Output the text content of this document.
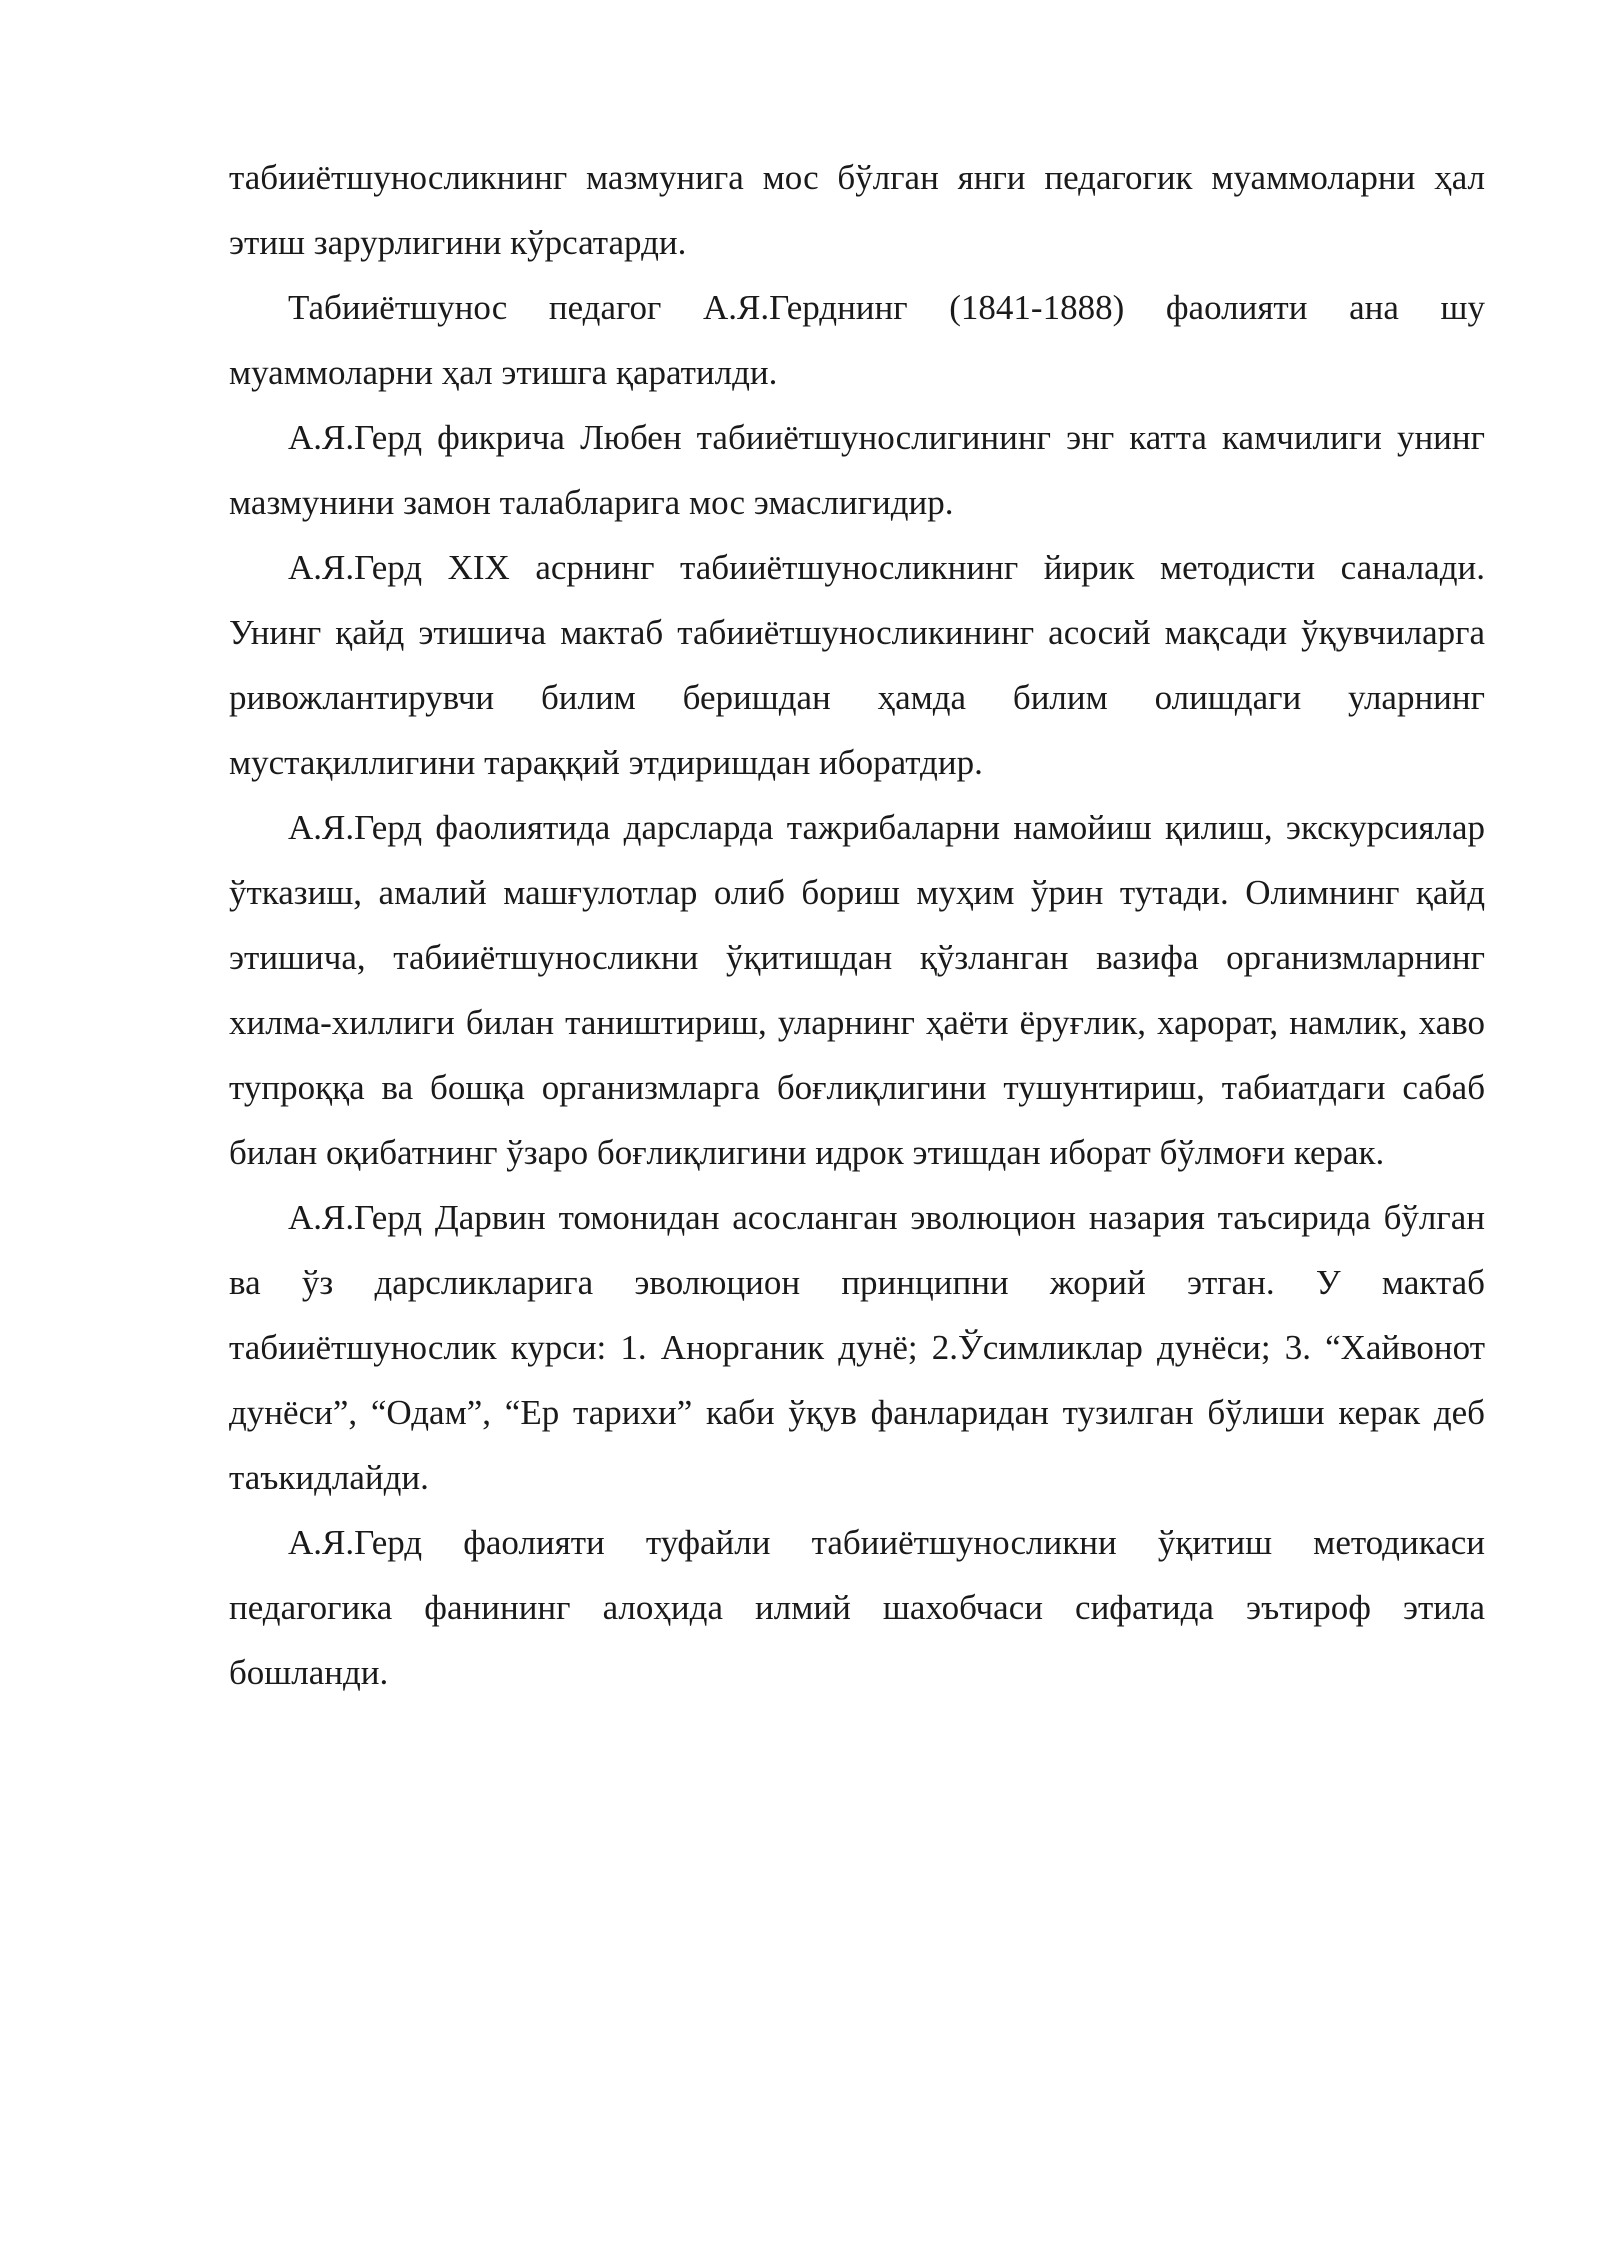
табииётшуносликнинг мазмунига мос бўлган янги педагогик муаммоларни ҳал этиш зарурлигини кўрсатарди.

Табииётшунос педагог А.Я.Герднинг (1841-1888) фаолияти ана шу муаммоларни ҳал этишга қаратилди.

А.Я.Герд фикрича Любен табииётшунослигининг энг катта камчилиги унинг мазмунини замон талабларига мос эмаслигидир.

А.Я.Герд XIX асрнинг табииётшуносликнинг йирик методисти саналади. Унинг қайд этишича мактаб табииётшуносликининг асосий мақсади ўқувчиларга ривожлантирувчи билим беришдан ҳамда билим олишдаги уларнинг мустақиллигини тараққий этдиришдан иборатдир.

А.Я.Герд фаолиятида дарсларда тажрибаларни намойиш қилиш, экскурсиялар ўтказиш, амалий машғулотлар олиб бориш муҳим ўрин тутади. Олимнинг қайд этишича, табииётшуносликни ўқитишдан қўзланган вазифа организмларнинг хилма-хиллиги билан таништириш, уларнинг ҳаёти ёруғлик, харорат, намлик, хаво тупроққа ва бошқа организмларга боғлиқлигини тушунтириш, табиатдаги сабаб билан оқибатнинг ўзаро боғлиқлигини идрок этишдан иборат бўлмоғи керак.

А.Я.Герд Дарвин томонидан асосланган эволюцион назария таъсирида бўлган ва ўз дарсликларига эволюцион принципни жорий этган. У мактаб табииётшунослик курси: 1. Анорганик дунё; 2.Ўсимликлар дунёси; 3. “Хайвонот дунёси”, “Одам”, “Ер тарихи” каби ўқув фанларидан тузилган бўлиши керак деб таъкидлайди.

А.Я.Герд фаолияти туфайли табииётшуносликни ўқитиш методикаси педагогика фанининг алоҳида илмий шахобчаси сифатида эътироф этила бошланди.
